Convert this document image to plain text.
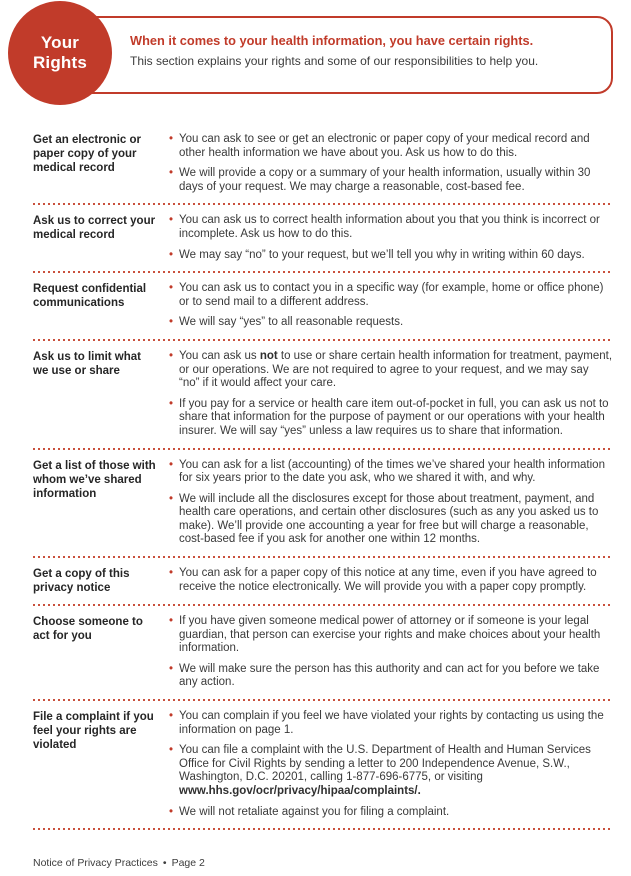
When it comes to your health information, you have certain rights.
This section explains your rights and some of our responsibilities to help you.
Your
Rights
Get an electronic or paper copy of your medical record
• You can ask to see or get an electronic or paper copy of your medical record and other health information we have about you. Ask us how to do this.
• We will provide a copy or a summary of your health information, usually within 30 days of your request. We may charge a reasonable, cost-based fee.
Ask us to correct your medical record
• You can ask us to correct health information about you that you think is incorrect or incomplete. Ask us how to do this.
• We may say “no” to your request, but we’ll tell you why in writing within 60 days.
Request confidential communications
• You can ask us to contact you in a specific way (for example, home or office phone) or to send mail to a different address.
• We will say “yes” to all reasonable requests.
Ask us to limit what we use or share
• You can ask us not to use or share certain health information for treatment, payment, or our operations. We are not required to agree to your request, and we may say “no” if it would affect your care.
• If you pay for a service or health care item out-of-pocket in full, you can ask us not to share that information for the purpose of payment or our operations with your health insurer. We will say “yes” unless a law requires us to share that information.
Get a list of those with whom we’ve shared information
• You can ask for a list (accounting) of the times we’ve shared your health information for six years prior to the date you ask, who we shared it with, and why.
• We will include all the disclosures except for those about treatment, payment, and health care operations, and certain other disclosures (such as any you asked us to make). We’ll provide one accounting a year for free but will charge a reasonable, cost-based fee if you ask for another one within 12 months.
Get a copy of this privacy notice
• You can ask for a paper copy of this notice at any time, even if you have agreed to receive the notice electronically. We will provide you with a paper copy promptly.
Choose someone to act for you
• If you have given someone medical power of attorney or if someone is your legal guardian, that person can exercise your rights and make choices about your health information.
• We will make sure the person has this authority and can act for you before we take any action.
File a complaint if you feel your rights are violated
• You can complain if you feel we have violated your rights by contacting us using the information on page 1.
• You can file a complaint with the U.S. Department of Health and Human Services Office for Civil Rights by sending a letter to 200 Independence Avenue, S.W., Washington, D.C. 20201, calling 1-877-696-6775, or visiting www.hhs.gov/ocr/privacy/hipaa/complaints/.
• We will not retaliate against you for filing a complaint.
Notice of Privacy Practices • Page 2
